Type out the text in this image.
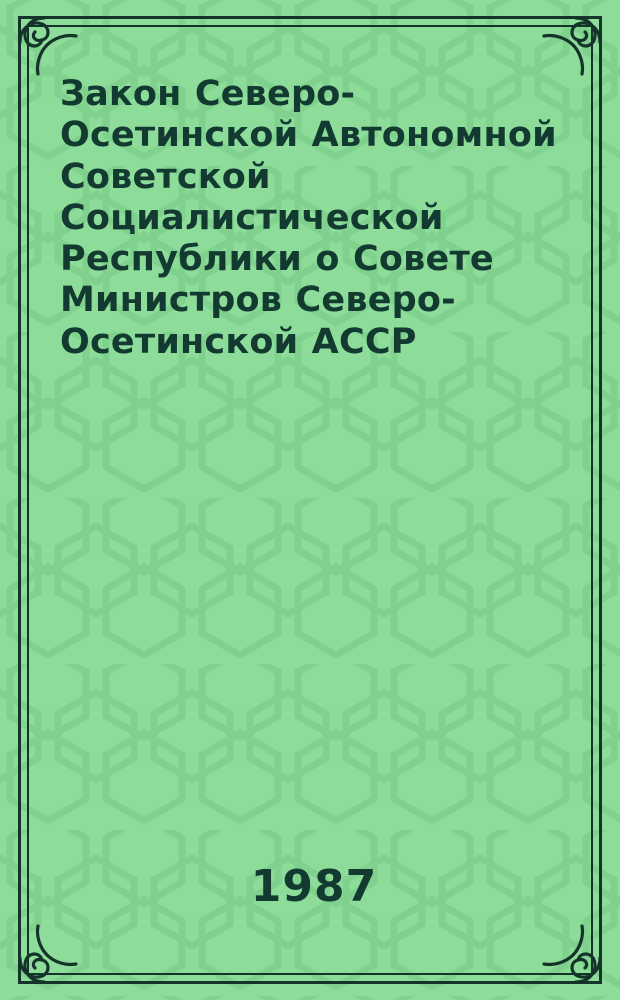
Закон Северо-Осетинской Автономной Советской Социалистической Республики о Совете Министров Северо-Осетинской АССР

1987
